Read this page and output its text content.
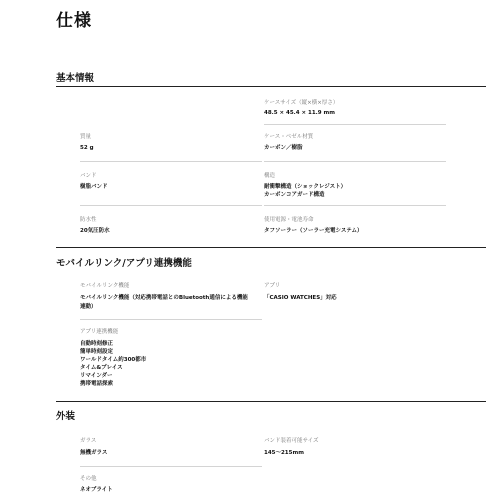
仕様
基本情報
ケースサイズ（縦×横×厚さ）
48.5 × 45.4 × 11.9 mm
質量
52 g
ケース・ベゼル材質
カーボン／樹脂
バンド
樹脂バンド
構造
耐衝撃構造（ショックレジスト）
カーボンコアガード構造
防水性
20気圧防水
使用電源・電池寿命
タフソーラー（ソーラー充電システム）
モバイルリンク/アプリ連携機能
モバイルリンク機能
モバイルリンク機能（対応携帯電話とのBluetooth通信による機能
連動）
アプリ
「CASIO WATCHES」対応
アプリ連携機能
自動時刻修正
簡単時刻設定
ワールドタイム約300都市
タイム&プレイス
リマインダー
携帯電話探索
外装
ガラス
無機ガラス
バンド装着可能サイズ
145〜215mm
その他
ネオブライト
